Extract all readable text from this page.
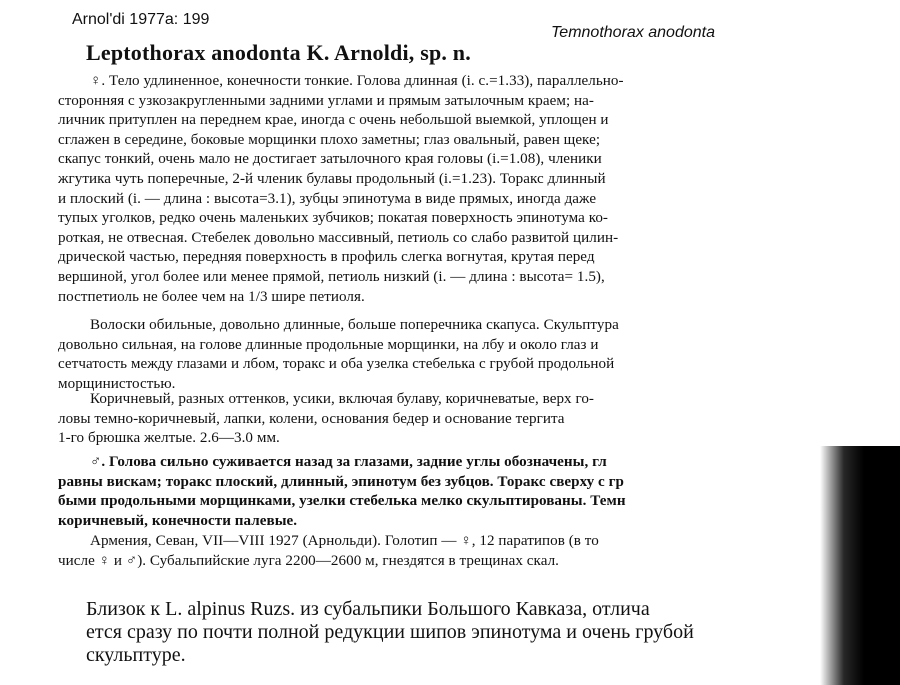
Arnol'di 1977a: 199
Temnothorax anodonta
Leptothorax anodonta K. Arnoldi, sp. n.
♀. Тело удлиненное, конечности тонкие. Голова длинная (i. c.=1.33), параллельно-
сторонняя с узкозакругленными задними углами и прямым затылочным краем; на-
личник притуплен на переднем крае, иногда с очень небольшой выемкой, уплощен и
сглажен в середине, боковые морщинки плохо заметны; глаз овальный, равен щеке;
скапус тонкий, очень мало не достигает затылочного края головы (i.=1.08), членики
жгутика чуть поперечные, 2-й членик булавы продольный (i.=1.23). Торакс длинный
и плоский (i. — длина : высота=3.1), зубцы эпинотума в виде прямых, иногда даже
тупых уголков, редко очень маленьких зубчиков; покатая поверхность эпинотума ко-
роткая, не отвесная. Стебелек довольно массивный, петиоль со слабо развитой цилин-
дрической частью, передняя поверхность в профиль слегка вогнутая, крутая перед
вершиной, угол более или менее прямой, петиоль низкий (i. — длина : высота= 1.5),
постпетиоль не более чем на 1/3 шире петиоля.
Волоски обильные, довольно длинные, больше поперечника скапуса. Скульптура
довольно сильная, на голове длинные продольные морщинки, на лбу и около глаз и
сетчатость между глазами и лбом, торакс и оба узелка стебелька с грубой продольной
морщинистостью.
Коричневый, разных оттенков, усики, включая булаву, коричневатые, верх го-
ловы темно-коричневый, лапки, колени, основания бедер и основание тергита
1-го брюшка желтые. 2.6—3.0 мм.
♂. Голова сильно суживается назад за глазами, задние углы обозначены, гл
равны вискам; торакс плоский, длинный, эпинотум без зубцов. Торакс сверху с гр
быми продольными морщинками, узелки стебелька мелко скульптированы. Темн
коричневый, конечности палевые.
Армения, Севан, VII—VIII 1927 (Арнольди). Голотип — ♀, 12 паратипов (в то
числе ♀ и ♂). Субальпийские луга 2200—2600 м, гнездятся в трещинах скал.
Близок к L. alpinus Ruzs. из субальпики Большого Кавказа, отлича
ется сразу по почти полной редукции шипов эпинотума и очень грубой
скульптуре.
